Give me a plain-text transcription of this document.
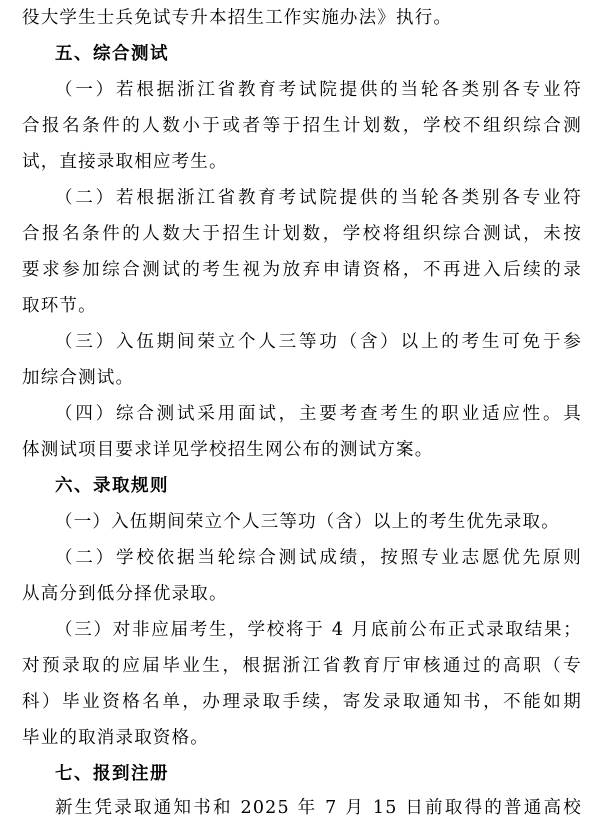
役大学生士兵免试专升本招生工作实施办法》执行。
五、综合测试
（一）若根据浙江省教育考试院提供的当轮各类别各专业符
合报名条件的人数小于或者等于招生计划数，学校不组织综合测
试，直接录取相应考生。
（二）若根据浙江省教育考试院提供的当轮各类别各专业符
合报名条件的人数大于招生计划数，学校将组织综合测试，未按
要求参加综合测试的考生视为放弃申请资格，不再进入后续的录
取环节。
（三）入伍期间荣立个人三等功（含）以上的考生可免于参
加综合测试。
（四）综合测试采用面试，主要考查考生的职业适应性。具
体测试项目要求详见学校招生网公布的测试方案。
六、录取规则
（一）入伍期间荣立个人三等功（含）以上的考生优先录取。
（二）学校依据当轮综合测试成绩，按照专业志愿优先原则
从高分到低分择优录取。
（三）对非应届考生，学校将于 4 月底前公布正式录取结果；
对预录取的应届毕业生，根据浙江省教育厅审核通过的高职（专
科）毕业资格名单，办理录取手续，寄发录取通知书，不能如期
毕业的取消录取资格。
七、报到注册
新生凭录取通知书和 2025 年 7 月 15 日前取得的普通高校
